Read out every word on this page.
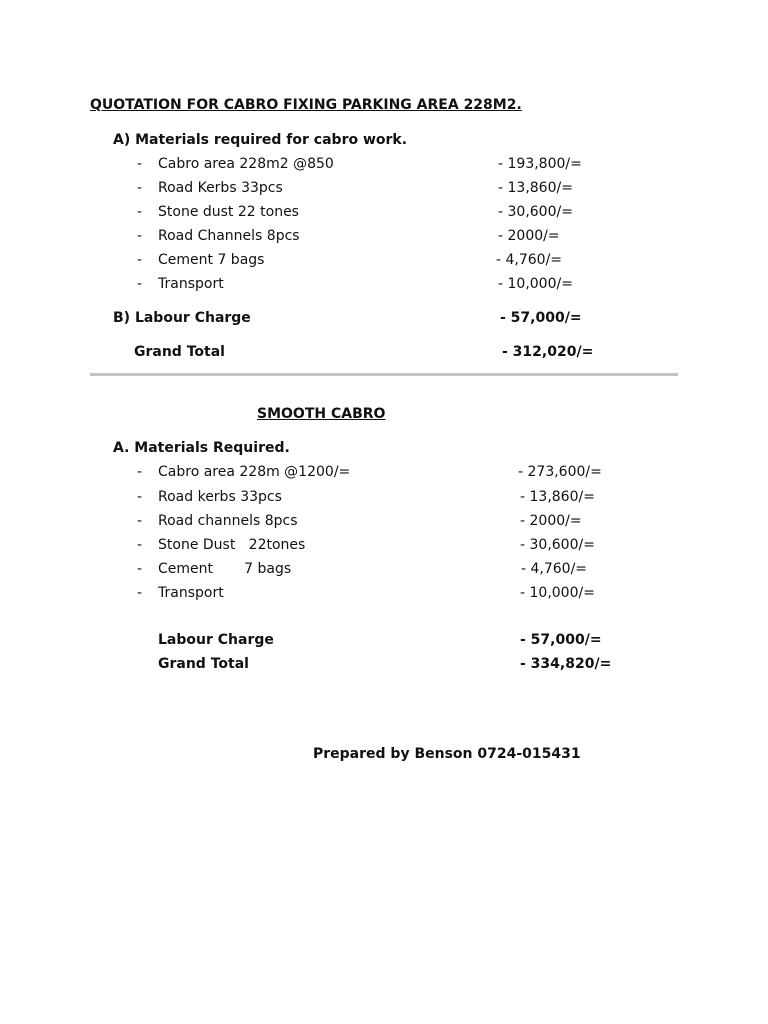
QUOTATION FOR CABRO FIXING PARKING AREA 228M2.
A) Materials required for cabro work.
- Cabro area 228m2 @850	- 193,800/=
- Road Kerbs 33pcs	- 13,860/=
- Stone dust 22 tones	- 30,600/=
- Road Channels 8pcs	- 2000/=
- Cement 7 bags	- 4,760/=
- Transport	- 10,000/=
B) Labour Charge	- 57,000/=
Grand Total	- 312,020/=
SMOOTH CABRO
A. Materials Required.
- Cabro area 228m @1200/=	- 273,600/=
- Road kerbs 33pcs	- 13,860/=
- Road channels 8pcs	- 2000/=
- Stone Dust   22tones	- 30,600/=
- Cement       7 bags	- 4,760/=
- Transport	- 10,000/=
Labour Charge	- 57,000/=
Grand Total	- 334,820/=
Prepared by Benson 0724-015431
